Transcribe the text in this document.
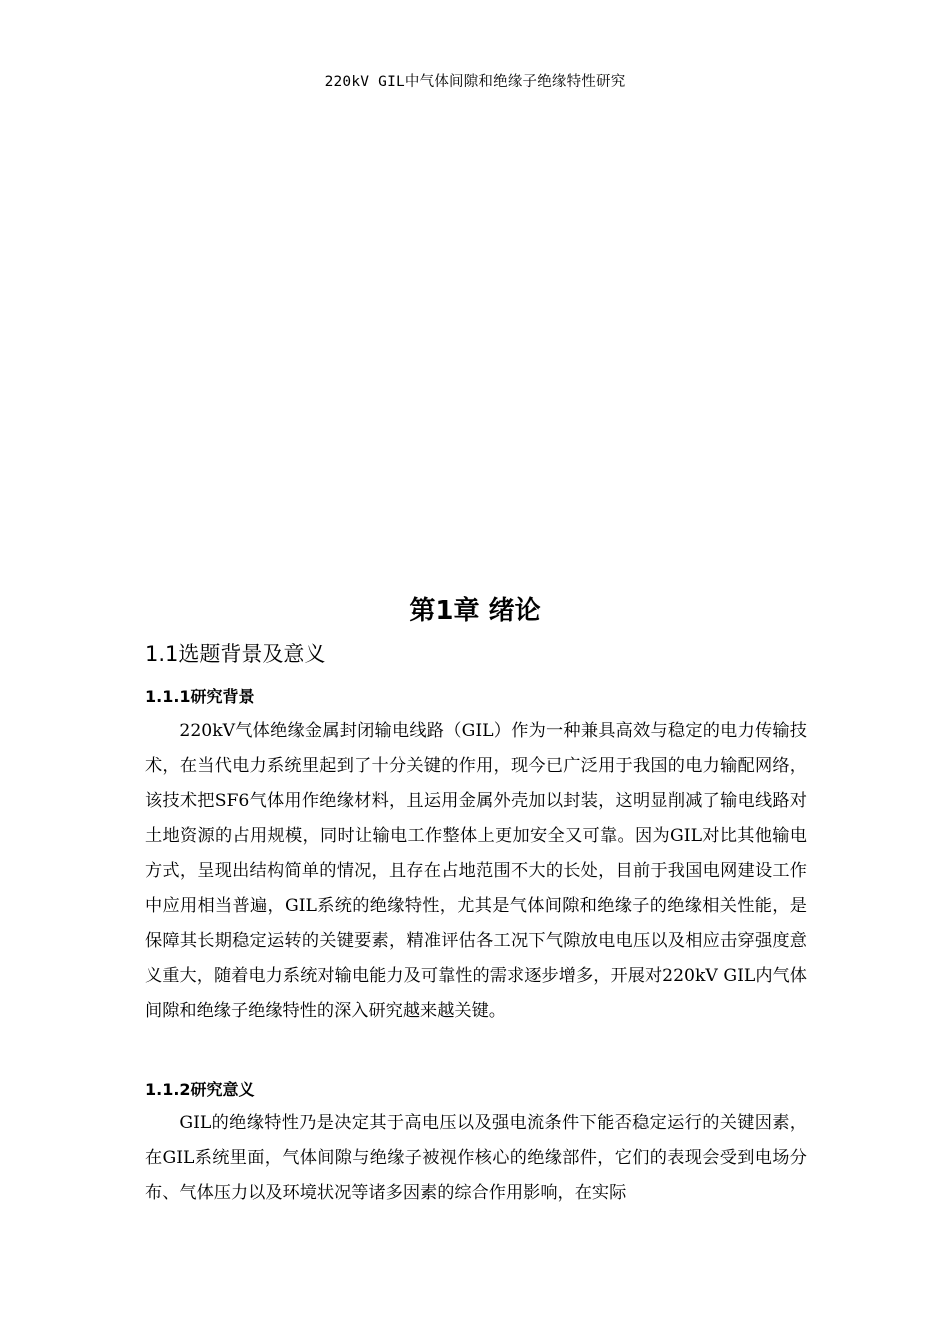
220kV GIL中气体间隙和绝缘子绝缘特性研究
第1章 绪论
1.1选题背景及意义
1.1.1研究背景

220kV气体绝缘金属封闭输电线路（GIL）作为一种兼具高效与稳定的电力传输技术，在当代电力系统里起到了十分关键的作用，现今已广泛用于我国的电力输配网络，该技术把SF6气体用作绝缘材料，且运用金属外壳加以封装，这明显削减了输电线路对土地资源的占用规模，同时让输电工作整体上更加安全又可靠。因为GIL对比其他输电方式，呈现出结构简单的情况，且存在占地范围不大的长处，目前于我国电网建设工作中应用相当普遍，GIL系统的绝缘特性，尤其是气体间隙和绝缘子的绝缘相关性能，是保障其长期稳定运转的关键要素，精准评估各工况下气隙放电电压以及相应击穿强度意义重大，随着电力系统对输电能力及可靠性的需求逐步增多，开展对220kV GIL内气体间隙和绝缘子绝缘特性的深入研究越来越关键。

1.1.2研究意义

GIL的绝缘特性乃是决定其于高电压以及强电流条件下能否稳定运行的关键因素，在GIL系统里面，气体间隙与绝缘子被视作核心的绝缘部件，它们的表现会受到电场分布、气体压力以及环境状况等诸多因素的综合作用影响，在实际
